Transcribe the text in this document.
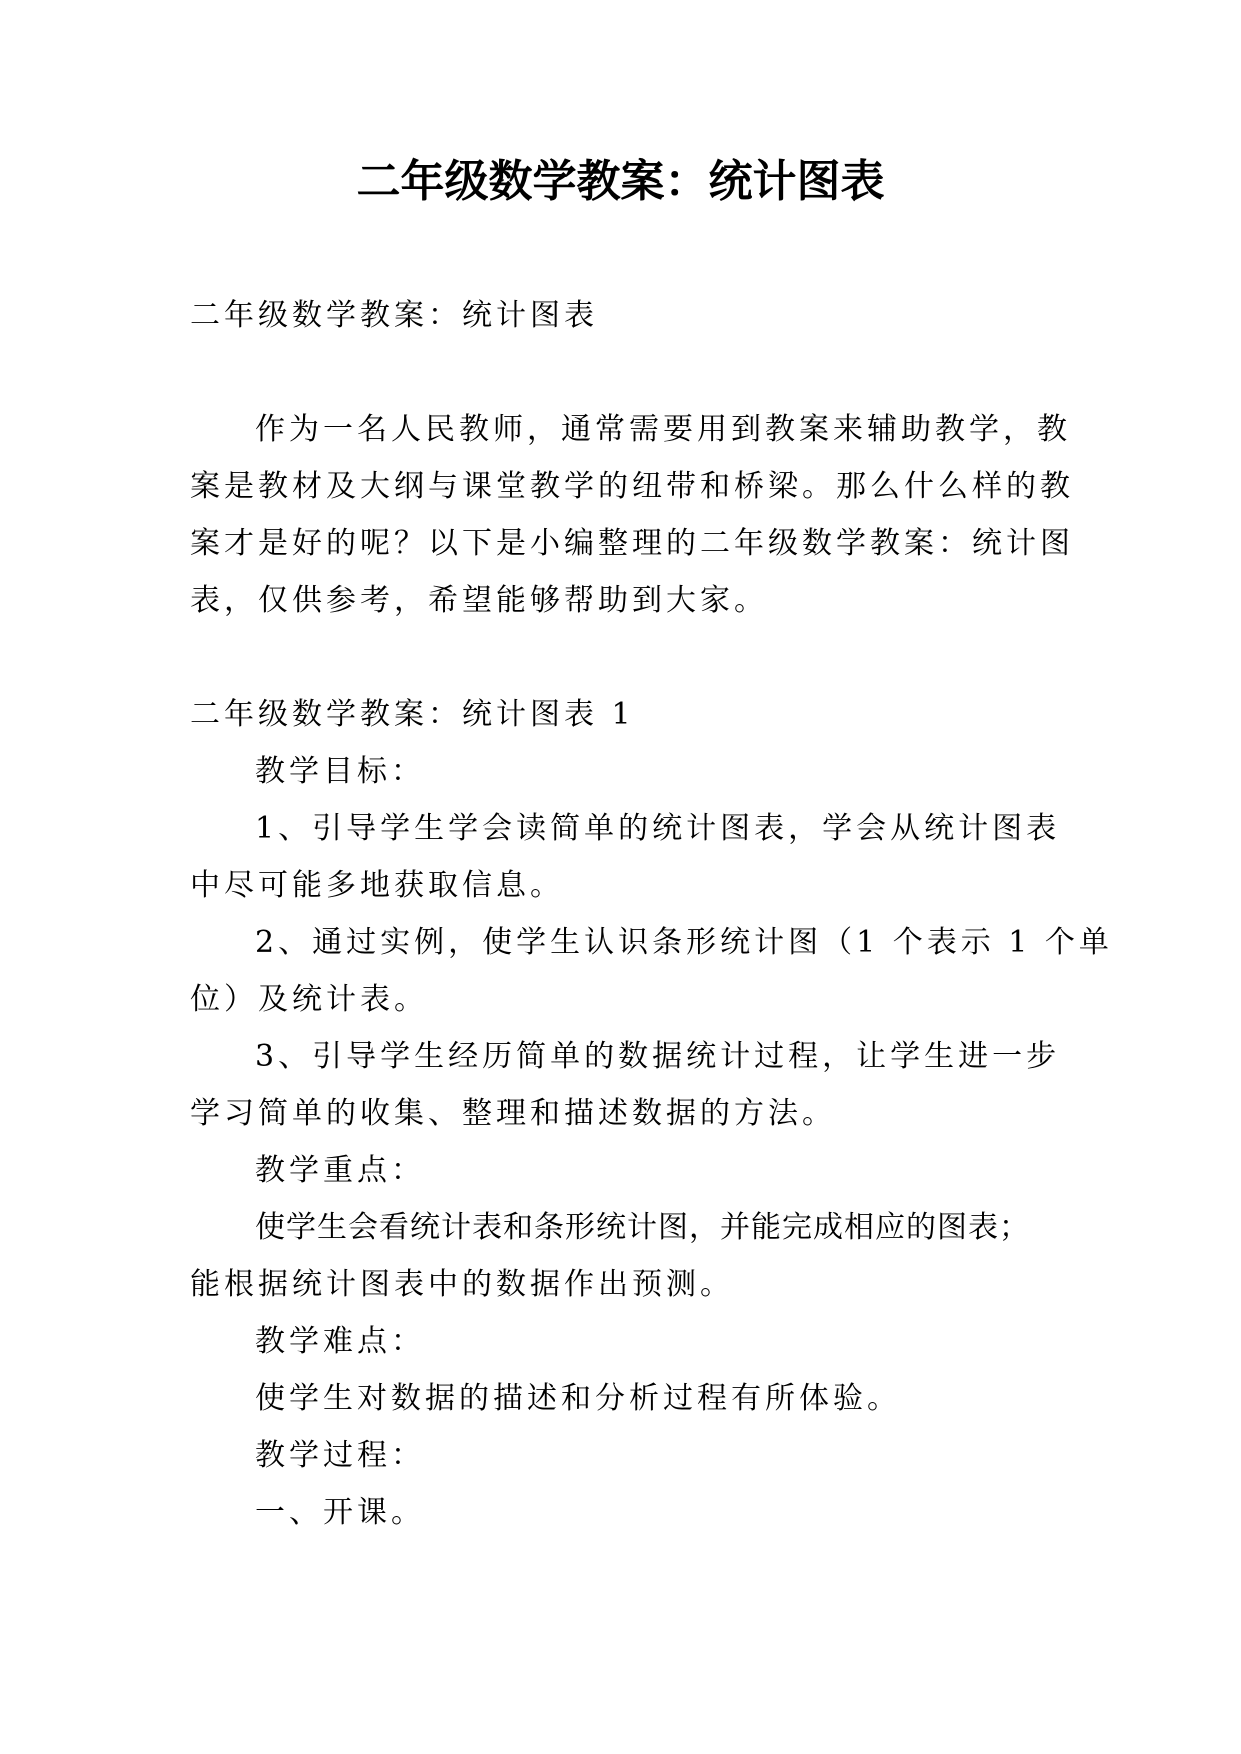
二年级数学教案：统计图表

二年级数学教案：统计图表

作为一名人民教师，通常需要用到教案来辅助教学，教

案是教材及大纲与课堂教学的纽带和桥梁。那么什么样的教

案才是好的呢？以下是小编整理的二年级数学教案：统计图

表，仅供参考，希望能够帮助到大家。

二年级数学教案：统计图表 1

教学目标：

1、引导学生学会读简单的统计图表，学会从统计图表

中尽可能多地获取信息。

2、通过实例，使学生认识条形统计图（1 个表示 1 个单

位）及统计表。

3、引导学生经历简单的数据统计过程，让学生进一步

学习简单的收集、整理和描述数据的方法。

教学重点：

使学生会看统计表和条形统计图，并能完成相应的图表；

能根据统计图表中的数据作出预测。

教学难点：

使学生对数据的描述和分析过程有所体验。

教学过程：

一、开课。
